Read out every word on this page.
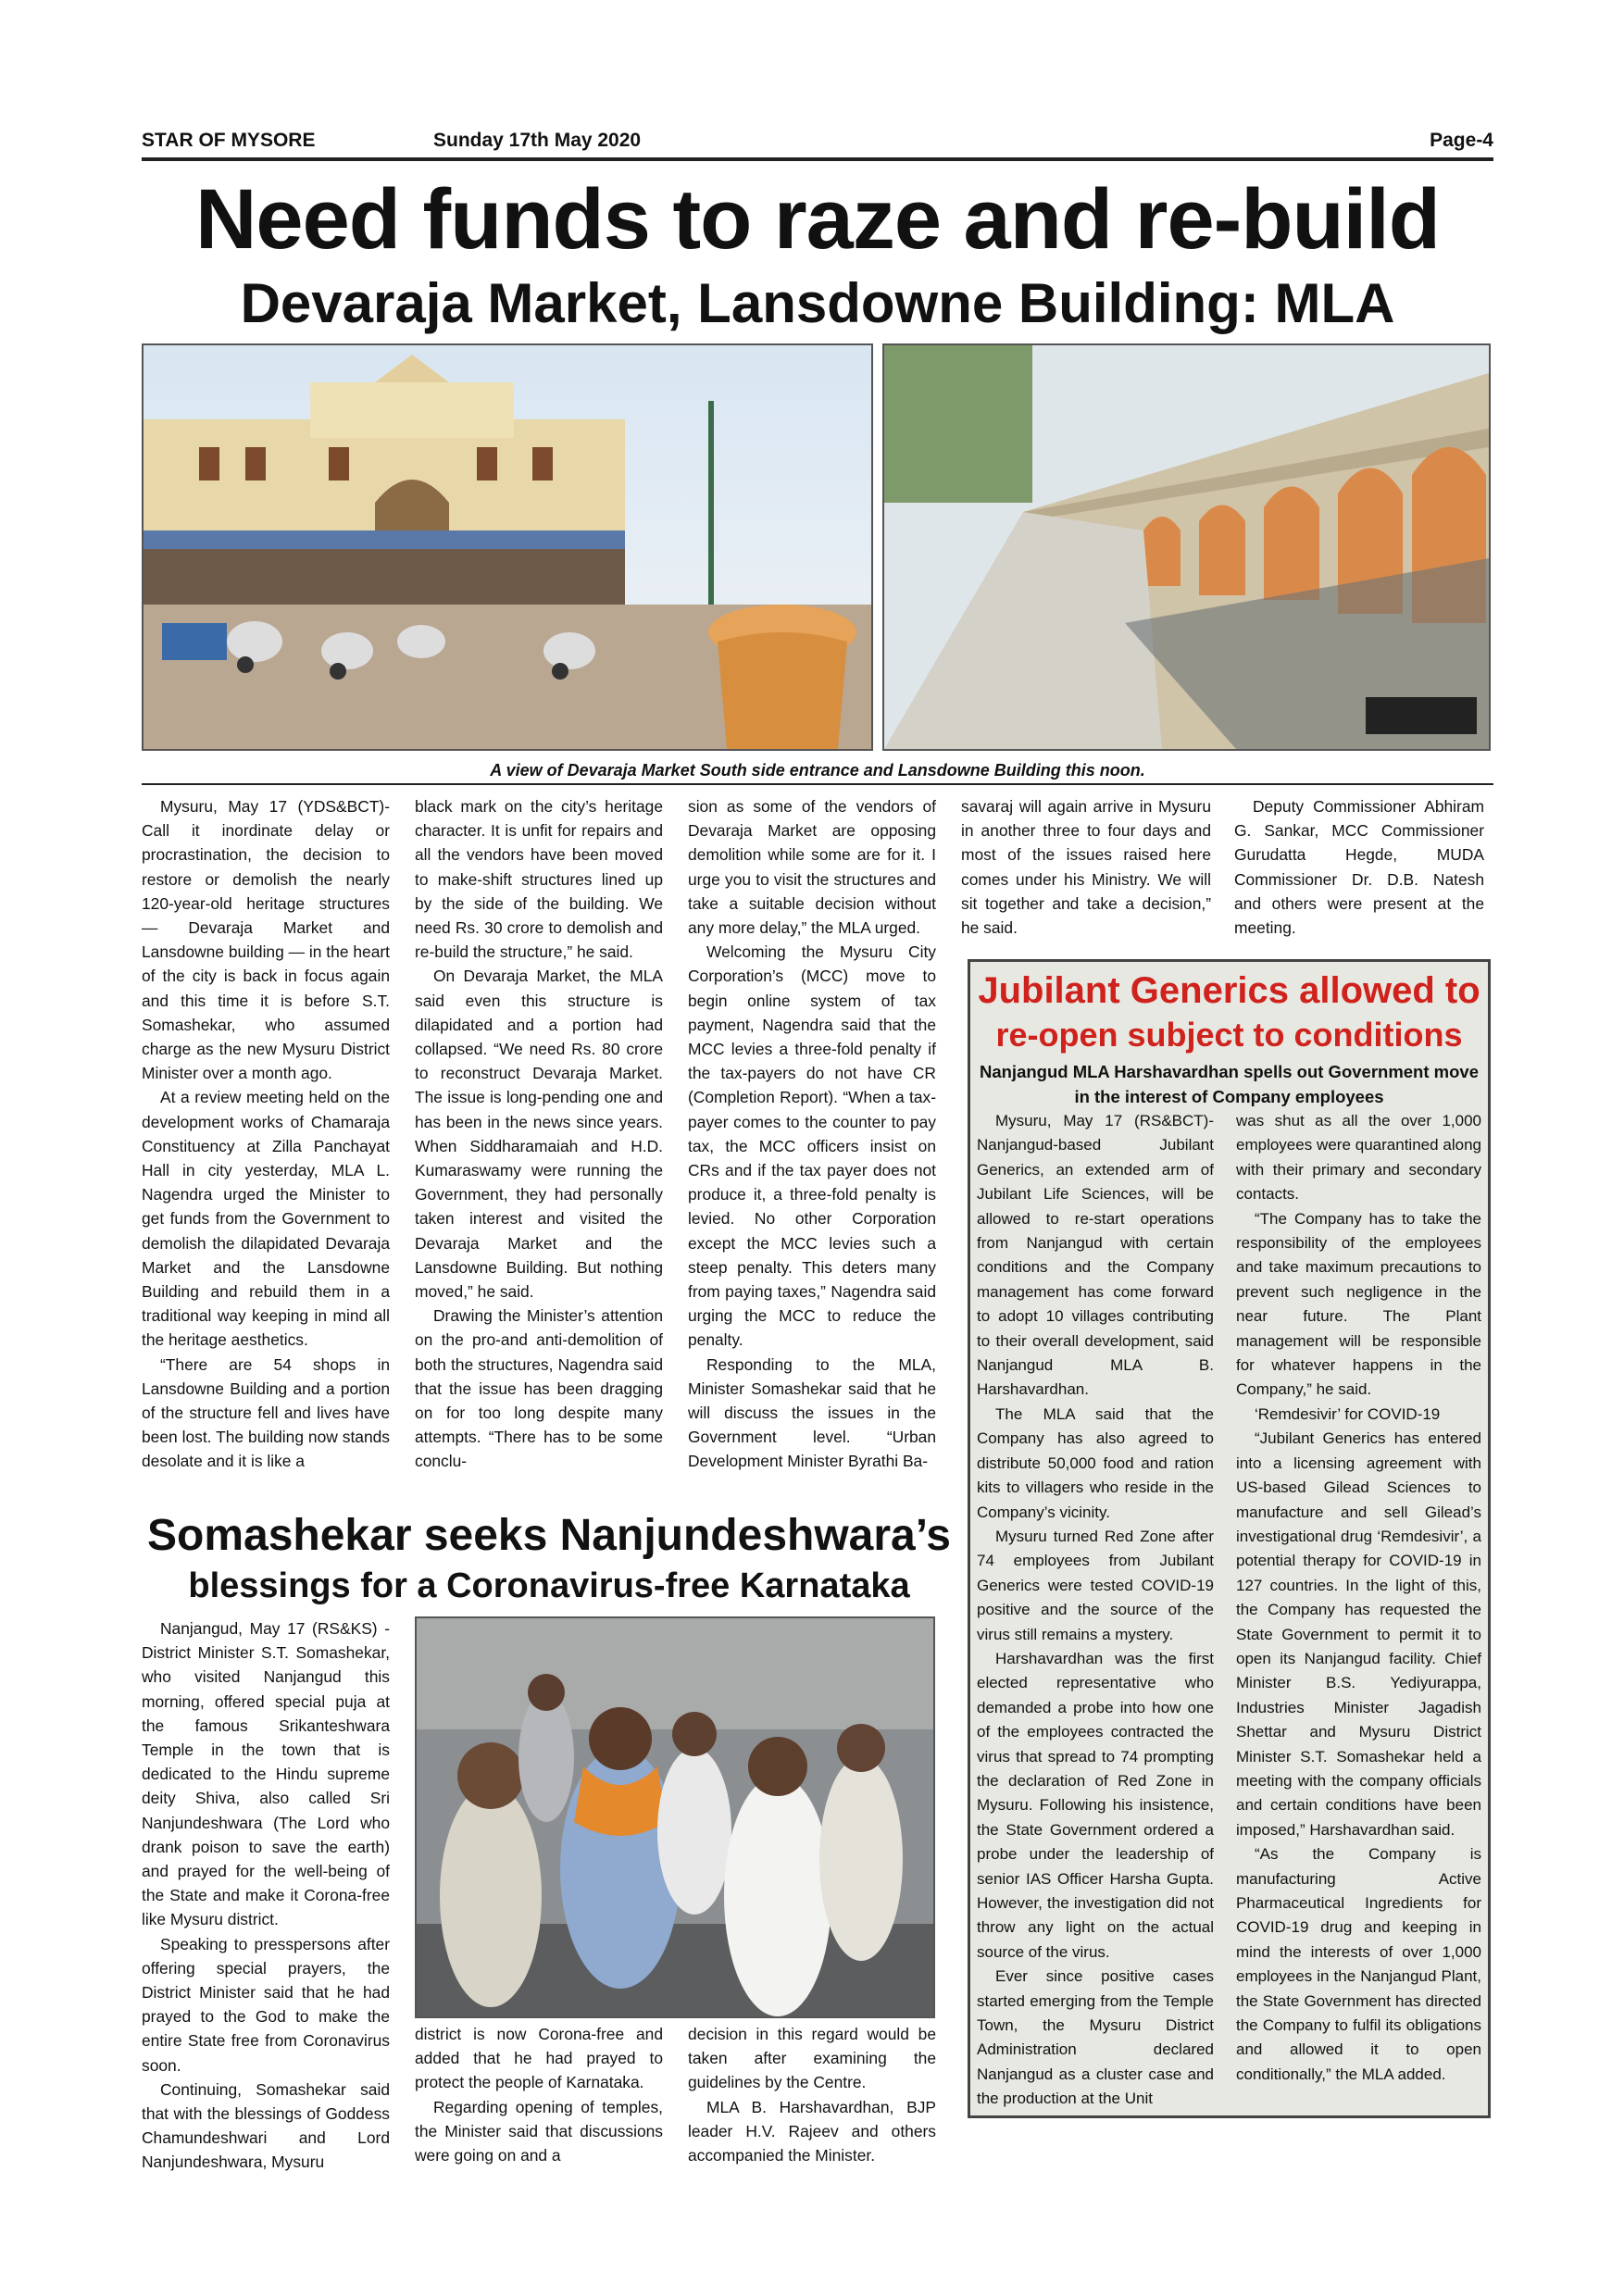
STAR OF MYSORE	Sunday 17th May 2020	Page-4
Need funds to raze and re-build
Devaraja Market, Lansdowne Building: MLA
A view of Devaraja Market South side entrance and Lansdowne Building this noon.

Mysuru, May 17 (YDS&BCT)-Call it inordinate delay or procrastination, the decision to restore or demolish the nearly 120-year-old heritage structures — Devaraja Market and Lansdowne building — in the heart of the city is back in focus again and this time it is before S.T. Somashekar, who assumed charge as the new Mysuru District Minister over a month ago.

At a review meeting held on the development works of Chamaraja Constituency at Zilla Panchayat Hall in city yesterday, MLA L. Nagendra urged the Minister to get funds from the Government to demolish the dilapidated Devaraja Market and the Lansdowne Building and rebuild them in a traditional way keeping in mind all the heritage aesthetics.

“There are 54 shops in Lansdowne Building and a portion of the structure fell and lives have been lost. The building now stands desolate and it is like a

black mark on the city’s heritage character. It is unfit for repairs and all the vendors have been moved to make-shift structures lined up by the side of the building. We need Rs. 30 crore to demolish and re-build the structure,” he said.

On Devaraja Market, the MLA said even this structure is dilapidated and a portion had collapsed. “We need Rs. 80 crore to reconstruct Devaraja Market. The issue is long-pending one and has been in the news since years. When Siddharamaiah and H.D. Kumaraswamy were running the Government, they had personally taken interest and visited the Devaraja Market and the Lansdowne Building. But nothing moved,” he said.

Drawing the Minister’s attention on the pro-and anti-demolition of both the structures, Nagendra said that the issue has been dragging on for too long despite many attempts. “There has to be some conclu-

sion as some of the vendors of Devaraja Market are opposing demolition while some are for it. I urge you to visit the structures and take a suitable decision without any more delay,” the MLA urged.

Welcoming the Mysuru City Corporation’s (MCC) move to begin online system of tax payment, Nagendra said that the MCC levies a three-fold penalty if the tax-payers do not have CR (Completion Report). “When a tax-payer comes to the counter to pay tax, the MCC officers insist on CRs and if the tax payer does not produce it, a three-fold penalty is levied. No other Corporation except the MCC levies such a steep penalty. This deters many from paying taxes,” Nagendra said urging the MCC to reduce the penalty.

Responding to the MLA, Minister Somashekar said that he will discuss the issues in the Government level. “Urban Development Minister Byrathi Ba-

savaraj will again arrive in Mysuru in another three to four days and most of the issues raised here comes under his Ministry. We will sit together and take a decision,” he said.

Deputy Commissioner Abhiram G. Sankar, MCC Commissioner Gurudatta Hegde, MUDA Commissioner Dr. D.B. Natesh and others were present at the meeting.

Jubilant Generics allowed to
re-open subject to conditions
Nanjangud MLA Harshavardhan spells out Government move in the interest of Company employees

Mysuru, May 17 (RS&BCT)-Nanjangud-based Jubilant Generics, an extended arm of Jubilant Life Sciences, will be allowed to re-start operations from Nanjangud with certain conditions and the Company management has come forward to adopt 10 villages contributing to their overall development, said Nanjangud MLA B. Harshavardhan.

The MLA said that the Company has also agreed to distribute 50,000 food and ration kits to villagers who reside in the Company’s vicinity.

Mysuru turned Red Zone after 74 employees from Jubilant Generics were tested COVID-19 positive and the source of the virus still remains a mystery.

Harshavardhan was the first elected representative who demanded a probe into how one of the employees contracted the virus that spread to 74 prompting the declaration of Red Zone in Mysuru. Following his insistence, the State Government ordered a probe under the leadership of senior IAS Officer Harsha Gupta. However, the investigation did not throw any light on the actual source of the virus.

Ever since positive cases started emerging from the Temple Town, the Mysuru District Administration declared Nanjangud as a cluster case and the production at the Unit

was shut as all the over 1,000 employees were quarantined along with their primary and secondary contacts.

“The Company has to take the responsibility of the employees and take maximum precautions to prevent such negligence in the near future. The Plant management will be responsible for whatever happens in the Company,” he said.

‘Remdesivir’ for COVID-19

“Jubilant Generics has entered into a licensing agreement with US-based Gilead Sciences to manufacture and sell Gilead’s investigational drug ‘Remdesivir’, a potential therapy for COVID-19 in 127 countries. In the light of this, the Company has requested the State Government to permit it to open its Nanjangud facility. Chief Minister B.S. Yediyurappa, Industries Minister Jagadish Shettar and Mysuru District Minister S.T. Somashekar held a meeting with the company officials and certain conditions have been imposed,” Harshavardhan said.

“As the Company is manufacturing Active Pharmaceutical Ingredients for COVID-19 drug and keeping in mind the interests of over 1,000 employees in the Nanjangud Plant, the State Government has directed the Company to fulfil its obligations and allowed it to open conditionally,” the MLA added.

Somashekar seeks Nanjundeshwara’s
blessings for a Coronavirus-free Karnataka

Nanjangud, May 17 (RS&KS) - District Minister S.T. Somashekar, who visited Nanjangud this morning, offered special puja at the famous Srikanteshwara Temple in the town that is dedicated to the Hindu supreme deity Shiva, also called Sri Nanjundeshwara (The Lord who drank poison to save the earth) and prayed for the well-being of the State and make it Corona-free like Mysuru district.

Speaking to presspersons after offering special prayers, the District Minister said that he had prayed to the God to make the entire State free from Coronavirus soon.

Continuing, Somashekar said that with the blessings of Goddess Chamundeshwari and Lord Nanjundeshwara, Mysuru

district is now Corona-free and added that he had prayed to protect the people of Karnataka.

Regarding opening of temples, the Minister said that discussions were going on and a

decision in this regard would be taken after examining the guidelines by the Centre.

MLA B. Harshavardhan, BJP leader H.V. Rajeev and others accompanied the Minister.
